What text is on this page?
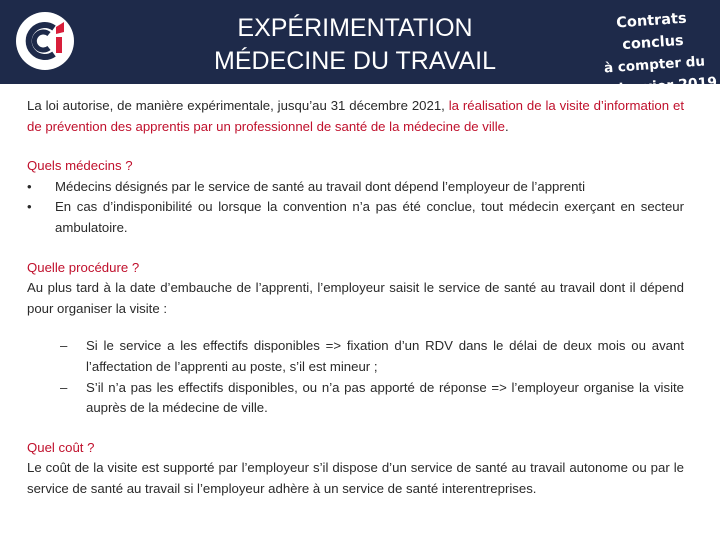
EXPÉRIMENTATION
MÉDECINE DU TRAVAIL
Contrats conclus
à compter du
$1_{er}$ janvier 2019

La loi autorise, de manière expérimentale, jusqu’au 31 décembre 2021, la réalisation de la visite d’information et de prévention des apprentis par un professionnel de santé de la médecine de ville.

Quels médecins ?
•	Médecins désignés par le service de santé au travail dont dépend l’employeur de l’apprenti
•	En cas d’indisponibilité ou lorsque la convention n’a pas été conclue, tout médecin exerçant en secteur ambulatoire.
Quelle procédure ?

Au plus tard à la date d’embauche de l’apprenti, l’employeur saisit le service de santé au travail dont il dépend pour organiser la visite :

– Si le service a les effectifs disponibles => fixation d’un RDV dans le délai de deux mois ou avant l’affectation de l’apprenti au poste, s’il est mineur ;
– S’il n’a pas les effectifs disponibles, ou n’a pas apporté de réponse => l’employeur organise la visite auprès de la médecine de ville.
Quel coût ?

Le coût de la visite est supporté par l’employeur s’il dispose d’un service de santé au travail autonome ou par le service de santé au travail si l’employeur adhère à un service de santé interentreprises.
